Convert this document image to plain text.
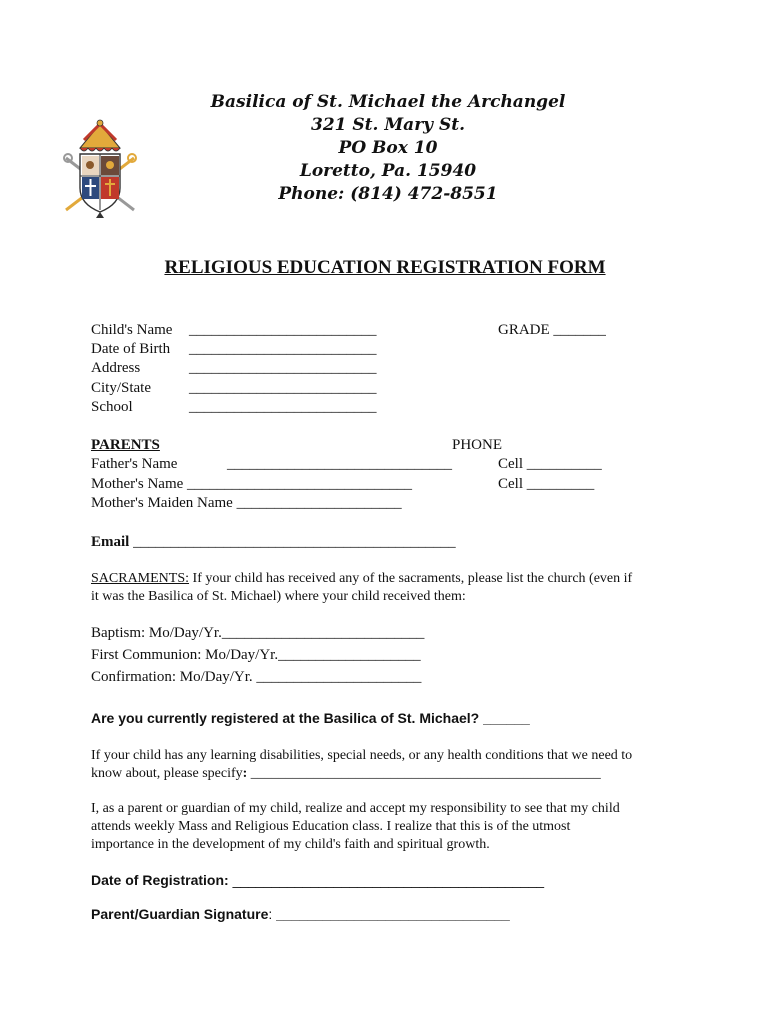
Basilica of St. Michael the Archangel
321 St. Mary St.
PO Box 10
Loretto, Pa. 15940
Phone: (814) 472-8551
RELIGIOUS EDUCATION REGISTRATION FORM
Child's Name _________________________	GRADE _______
Date of Birth _________________________
Address	_________________________
City/State	_________________________
School	_________________________
PARENTS	PHONE
Father's Name	______________________________	Cell __________
Mother's Name ______________________________	Cell _________
Mother's Maiden Name ______________________
Email ___________________________________________
SACRAMENTS: If your child has received any of the sacraments, please list the church (even if
it was the Basilica of St. Michael) where your child received them:
Baptism: Mo/Day/Yr.___________________________
First Communion: Mo/Day/Yr.___________________
Confirmation: Mo/Day/Yr. ______________________
Are you currently registered at the Basilica of St. Michael? ______
If your child has any learning disabilities, special needs, or any health conditions that we need to
know about, please specify: __________________________________________________
I, as a parent or guardian of my child, realize and accept my responsibility to see that my child
attends weekly Mass and Religious Education class. I realize that this is of the utmost
importance in the development of my child's faith and spiritual growth.
Date of Registration: ________________________________________
Parent/Guardian Signature: ______________________________
